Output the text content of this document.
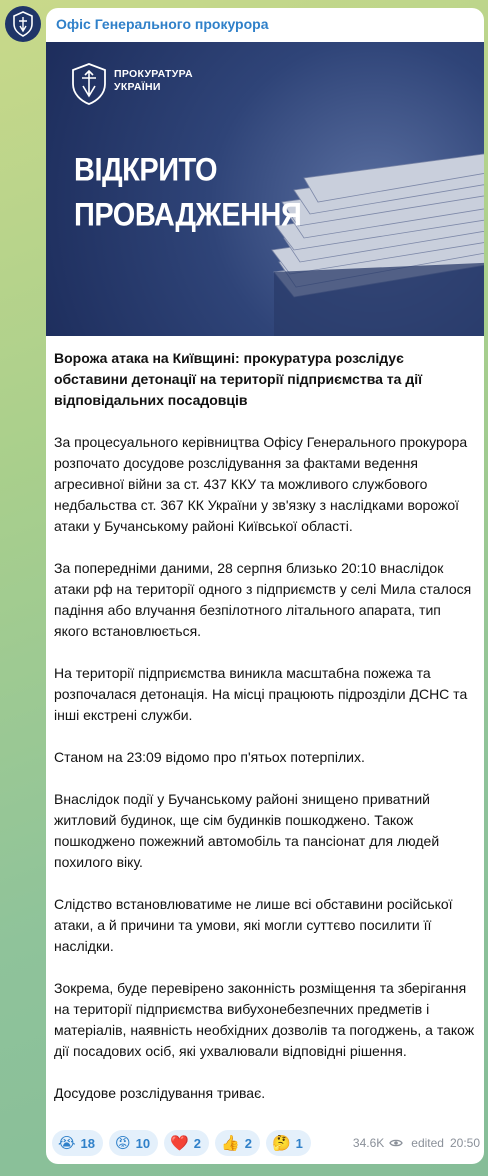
Офіс Генерального прокурора
ПРОКУРАТУРА
УКРАЇНИ
ВІДКРИТО
ПРОВАДЖЕННЯ

Ворожа атака на Київщині: прокуратура розслідує обставини детонації на території підприємства та дії відповідальних посадовців

За процесуального керівництва Офісу Генерального прокурора розпочато досудове розслідування за фактами ведення агресивної війни за ст. 437 ККУ та можливого службового недбальства ст. 367 КК України у зв'язку з наслідками ворожої атаки у Бучанському районі Київської області.

За попередніми даними, 28 серпня близько 20:10 внаслідок атаки рф на території одного з підприємств у селі Мила сталося падіння або влучання безпілотного літального апарата, тип якого встановлюється.

На території підприємства виникла масштабна пожежа та розпочалася детонація. На місці працюють підрозділи ДСНС та інші екстрені служби.

Станом на 23:09 відомо про п'ятьох потерпілих.

Внаслідок події у Бучанському районі знищено приватний житловий будинок, ще сім будинків пошкоджено. Також пошкоджено пожежний автомобіль та пансіонат для людей похилого віку.

Слідство встановлюватиме не лише всі обставини російської атаки, а й причини та умови, які могли суттєво посилити її наслідки.

Зокрема, буде перевірено законність розміщення та зберігання на території підприємства вибухонебезпечних предметів і матеріалів, наявність необхідних дозволів та погоджень, а також дії посадових осіб, які ухвалювали відповідні рішення.

Досудове розслідування триває.

😭 18 😡 10 ❤️ 2 👍 2 🤔 1	34.6K edited 20:50
